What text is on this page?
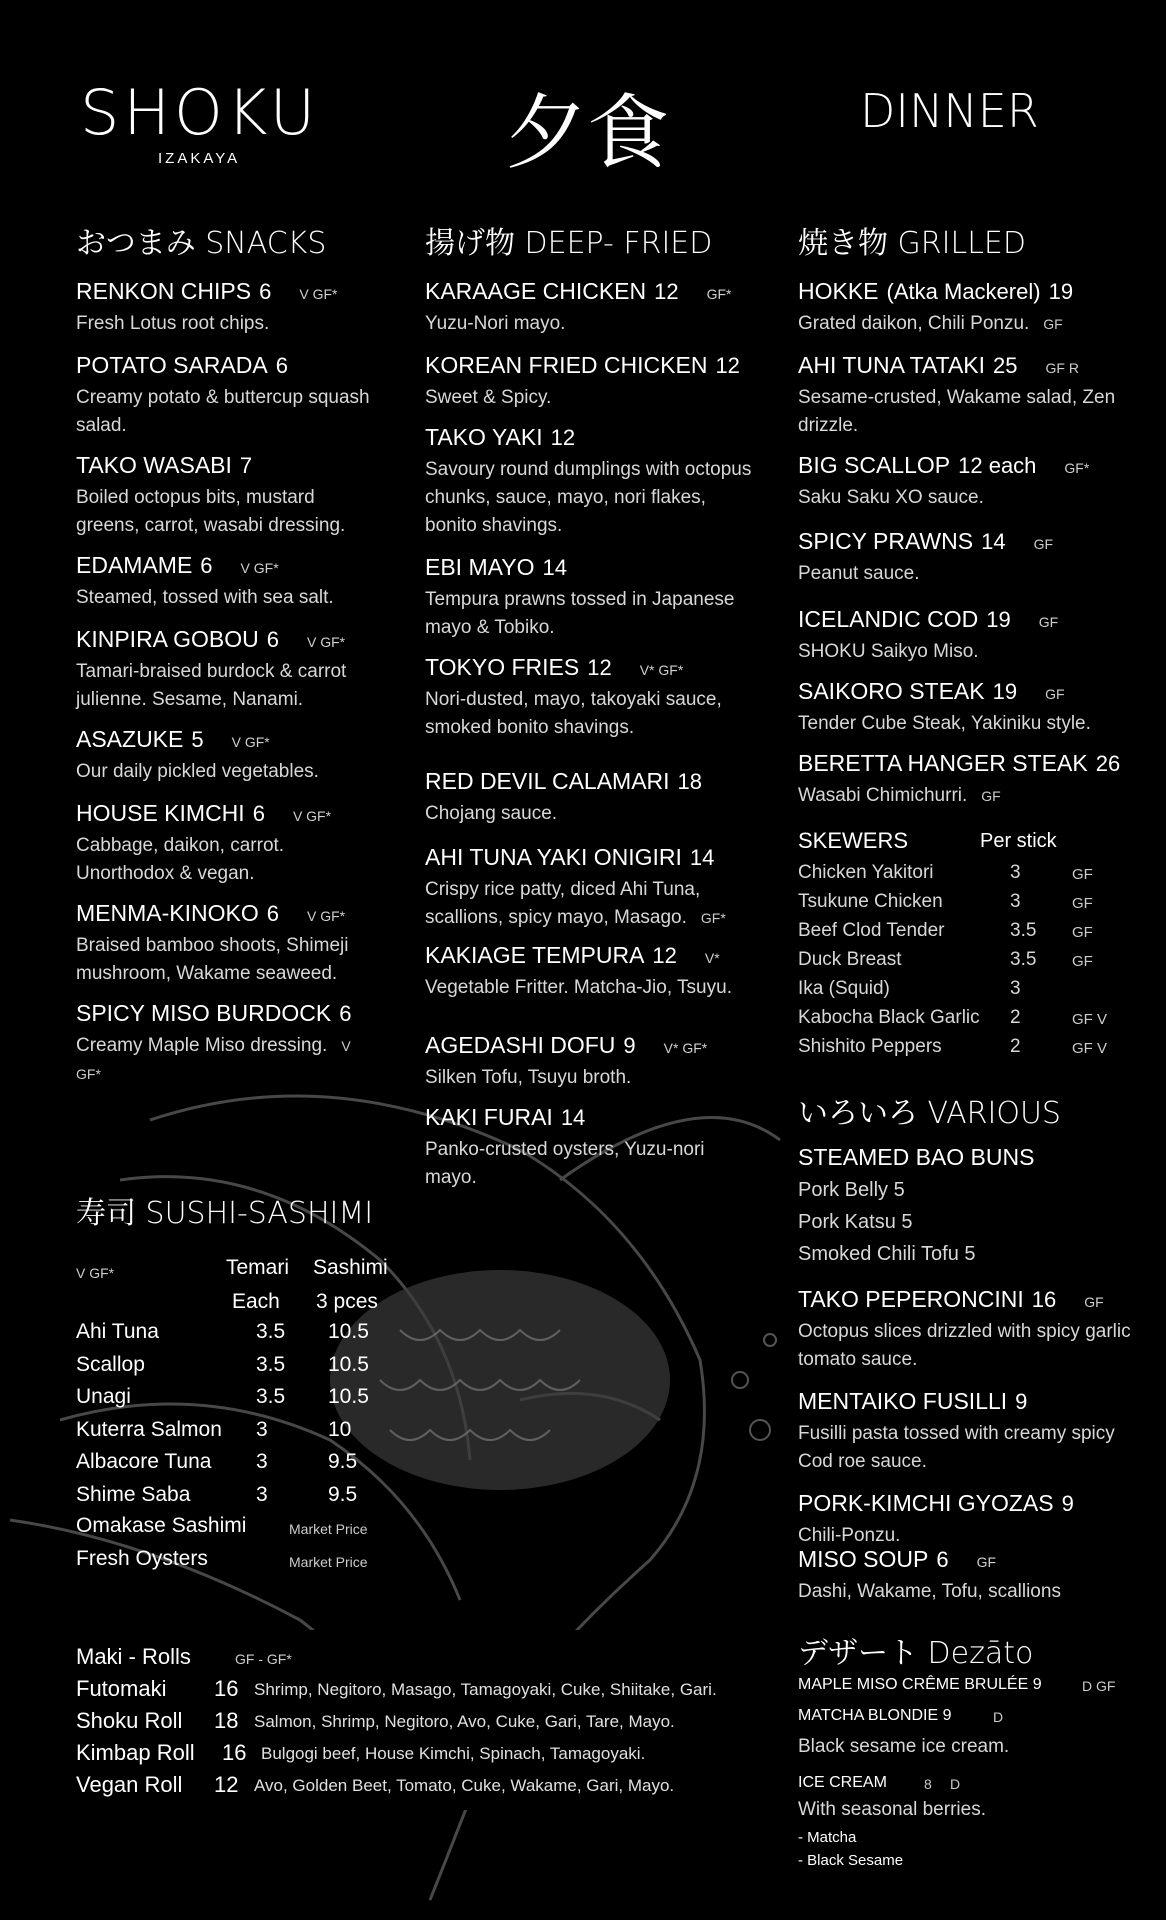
SHOKU
IZAKAYA	夕食	DINNER
おつまみ SNACKS	揚げ物 DEEP- FRIED	焼き物 GRILLED
RENKON CHIPS 6 V GF*
Fresh Lotus root chips.
POTATO SARADA 6
Creamy potato & buttercup squash salad.
TAKO WASABI 7
Boiled octopus bits, mustard greens, carrot, wasabi dressing.
EDAMAME 6 V GF*
Steamed, tossed with sea salt.
KINPIRA GOBOU 6 V GF*
Tamari-braised burdock & carrot julienne. Sesame, Nanami.
ASAZUKE 5 V GF*
Our daily pickled vegetables.
HOUSE KIMCHI 6 V GF*
Cabbage, daikon, carrot. Unorthodox & vegan.
MENMA-KINOKO 6 V GF*
Braised bamboo shoots, Shimeji mushroom, Wakame seaweed.
SPICY MISO BURDOCK 6
Creamy Maple Miso dressing. V GF*
KARAAGE CHICKEN 12 GF*
Yuzu-Nori mayo.
KOREAN FRIED CHICKEN 12
Sweet & Spicy.
TAKO YAKI 12
Savoury round dumplings with octopus chunks, sauce, mayo, nori flakes, bonito shavings.
EBI MAYO 14
Tempura prawns tossed in Japanese mayo & Tobiko.
TOKYO FRIES 12 V* GF*
Nori-dusted, mayo, takoyaki sauce, smoked bonito shavings.
RED DEVIL CALAMARI 18
Chojang sauce.
AHI TUNA YAKI ONIGIRI 14
Crispy rice patty, diced Ahi Tuna, scallions, spicy mayo, Masago. GF*
KAKIAGE TEMPURA 12 V*
Vegetable Fritter. Matcha-Jio, Tsuyu.
AGEDASHI DOFU 9 V* GF*
Silken Tofu, Tsuyu broth.
KAKI FURAI 14
Panko-crusted oysters, Yuzu-nori mayo.
HOKKE (Atka Mackerel) 19
Grated daikon, Chili Ponzu. GF
AHI TUNA TATAKI 25 GF R
Sesame-crusted, Wakame salad, Zen drizzle.
BIG SCALLOP 12 each GF*
Saku Saku XO sauce.
SPICY PRAWNS 14 GF
Peanut sauce.
ICELANDIC COD 19 GF
SHOKU Saikyo Miso.
SAIKORO STEAK 19 GF
Tender Cube Steak, Yakiniku style.
BERETTA HANGER STEAK 26
Wasabi Chimichurri. GF
SKEWERS	Per stick
Chicken Yakitori	3	GF
Tsukune Chicken	3	GF
Beef Clod Tender	3.5 GF
Duck Breast	3.5 GF
Ika (Squid)	3
Kabocha Black Garlic 2	GF V
Shishito Peppers	2	GF V
いろいろ VARIOUS
STEAMED BAO BUNS
Pork Belly 5
Pork Katsu 5
Smoked Chili Tofu 5
TAKO PEPERONCINI 16 GF
Octopus slices drizzled with spicy garlic tomato sauce.
MENTAIKO FUSILLI 9
Fusilli pasta tossed with creamy spicy Cod roe sauce.
PORK-KIMCHI GYOZAS 9
Chili-Ponzu.
MISO SOUP 6 GF
Dashi, Wakame, Tofu, scallions
デザート Dezāto
MAPLE MISO CRÊME BRULÉE 9	D GF
MATCHA BLONDIE 9	D
Black sesame ice cream.
ICE CREAM	8 D
With seasonal berries.
- Matcha
- Black Sesame
寿司 SUSHI-SASHIMI
V GF*	Temari Sashimi
Each 3 pces
Ahi Tuna	3.5 10.5
Scallop	3.5 10.5
Unagi	3.5 10.5
Kuterra Salmon 3	10
Albacore Tuna 3	9.5
Shime Saba	3	9.5
Omakase Sashimi	Market Price
Fresh Oysters	Market Price
Maki - Rolls	GF - GF*
Futomaki 16 Shrimp, Negitoro, Masago, Tamagoyaki, Cuke, Shiitake, Gari.
Shoku Roll 18 Salmon, Shrimp, Negitoro, Avo, Cuke, Gari, Tare, Mayo.
Kimbap Roll 16 Bulgogi beef, House Kimchi, Spinach, Tamagoyaki.
Vegan Roll 12 Avo, Golden Beet, Tomato, Cuke, Wakame, Gari, Mayo.
